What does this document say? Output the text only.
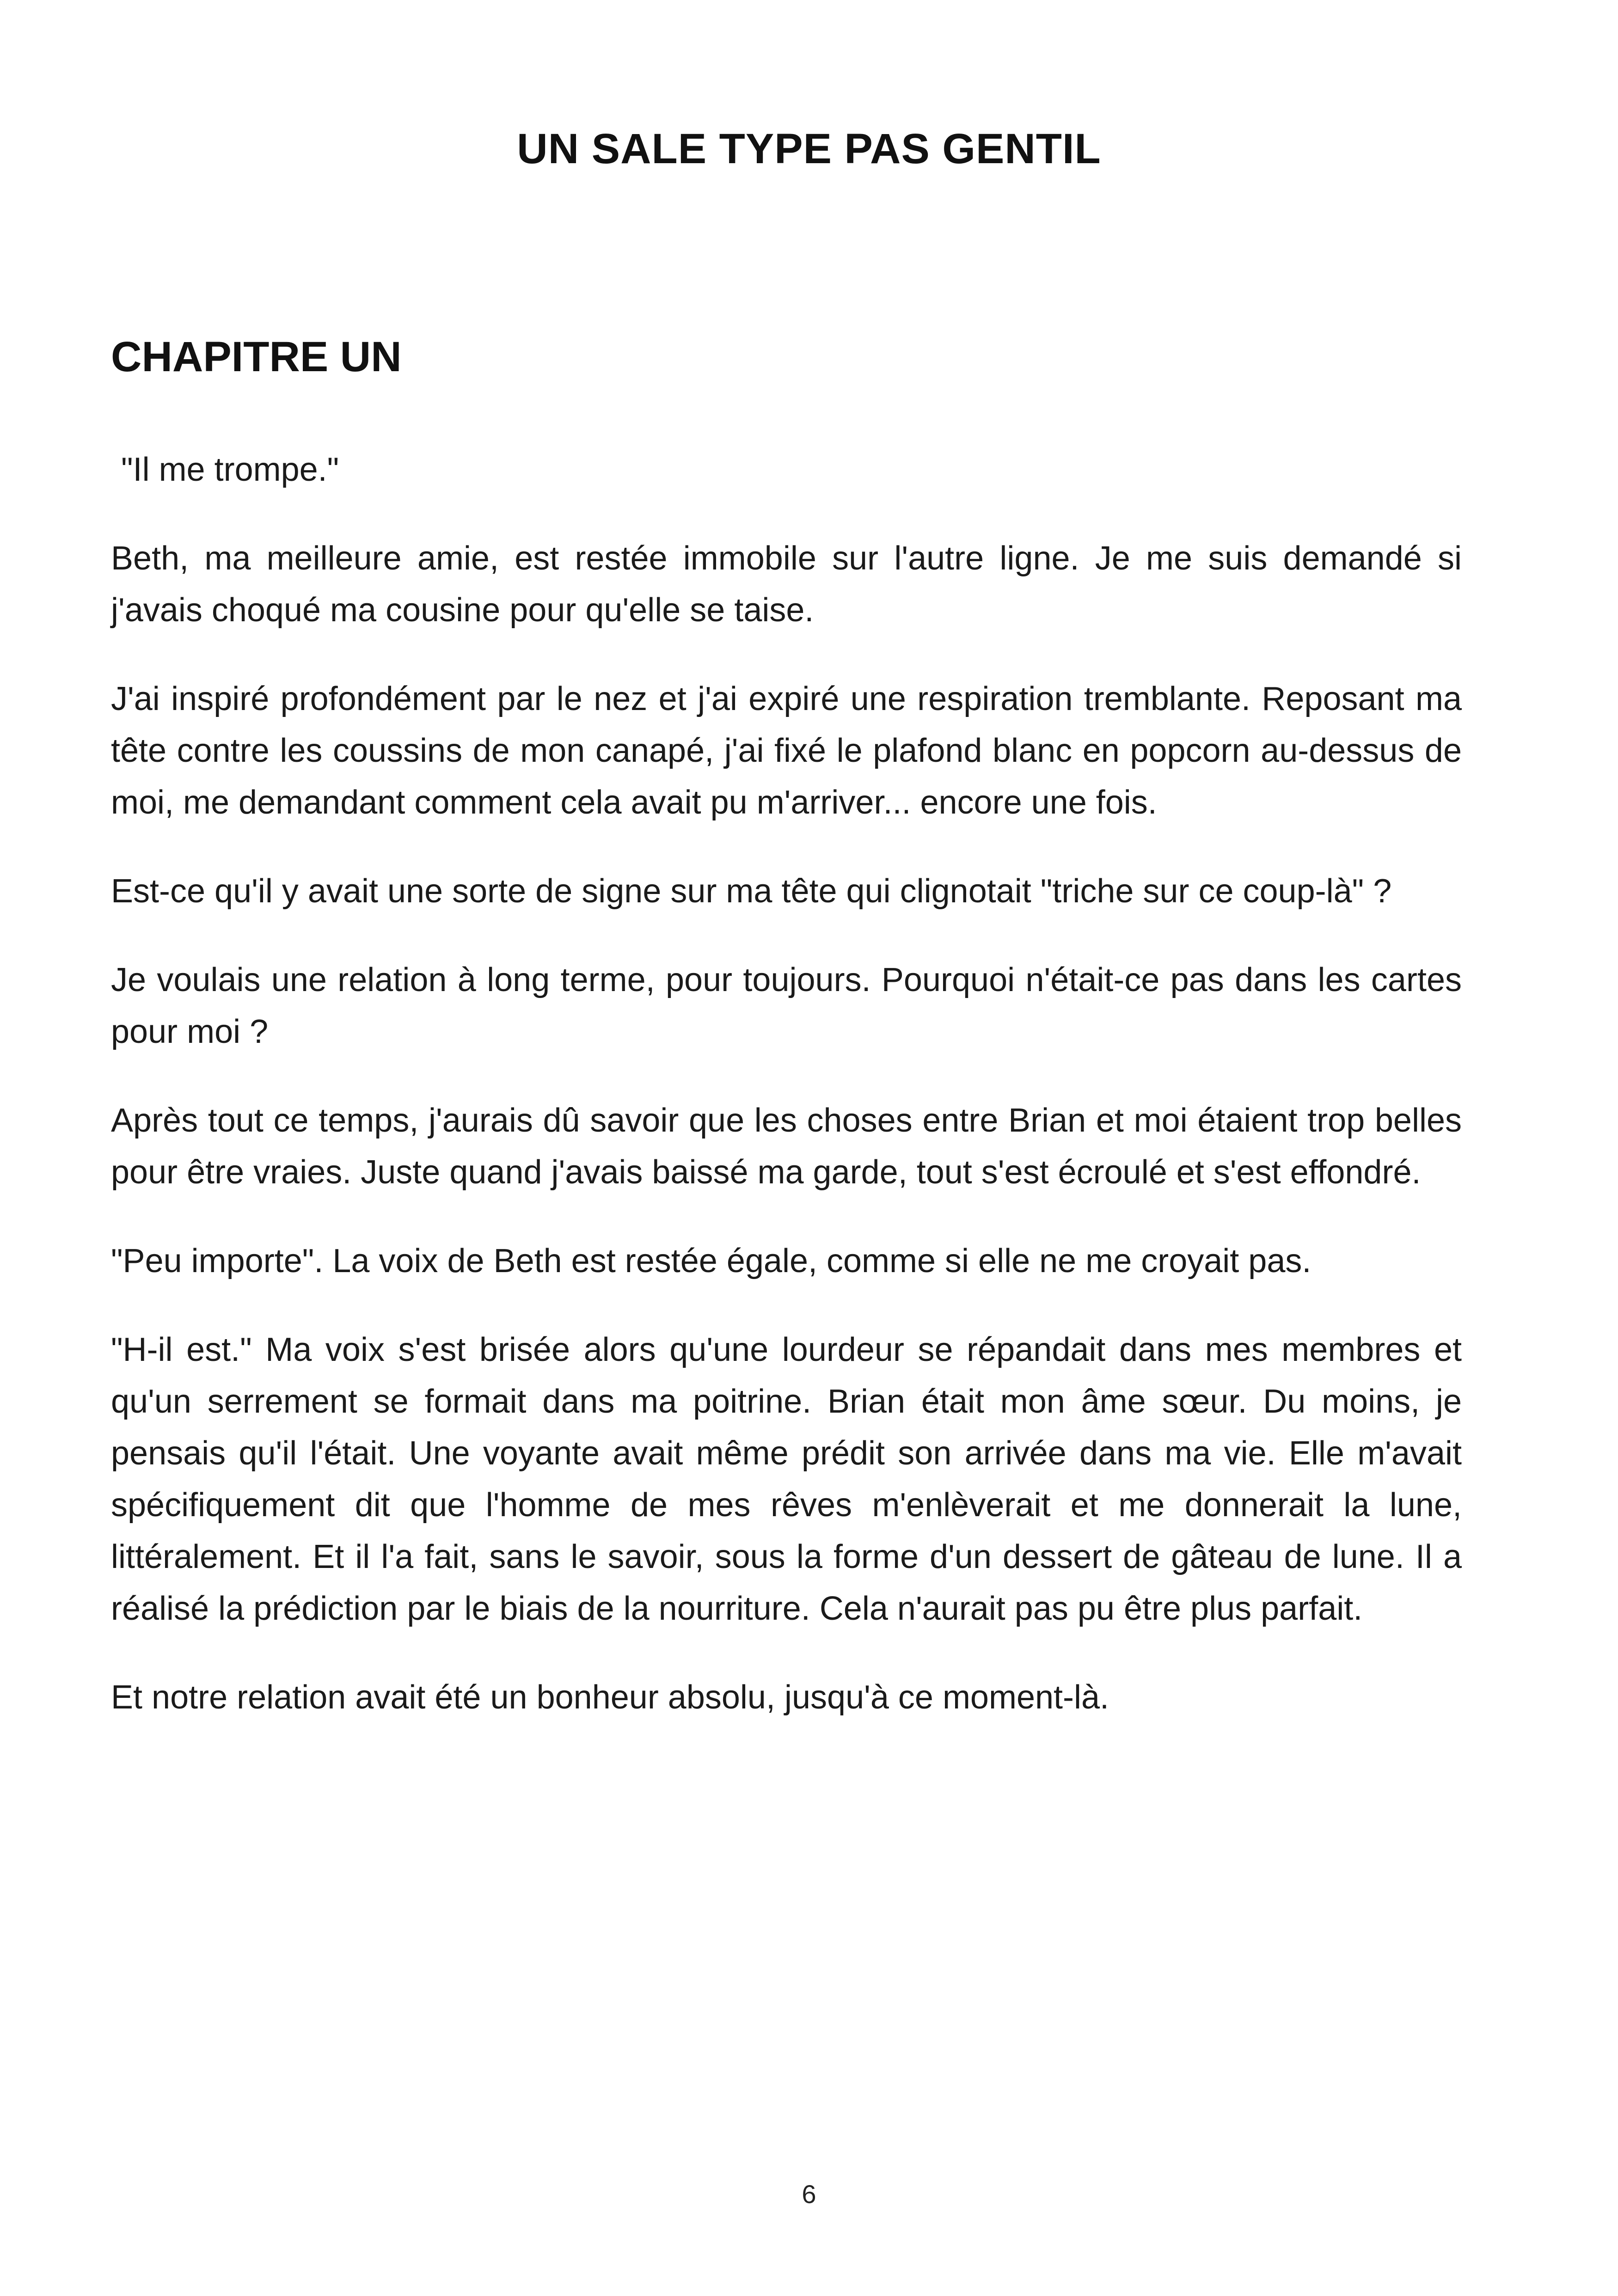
UN SALE TYPE PAS GENTIL
CHAPITRE UN

"Il me trompe."

Beth, ma meilleure amie, est restée immobile sur l'autre ligne. Je me suis demandé si j'avais choqué ma cousine pour qu'elle se taise.

J'ai inspiré profondément par le nez et j'ai expiré une respiration tremblante. Reposant ma tête contre les coussins de mon canapé, j'ai fixé le plafond blanc en popcorn au-dessus de moi, me demandant comment cela avait pu m'arriver... encore une fois.

Est-ce qu'il y avait une sorte de signe sur ma tête qui clignotait "triche sur ce coup-là" ?

Je voulais une relation à long terme, pour toujours. Pourquoi n'était-ce pas dans les cartes pour moi ?

Après tout ce temps, j'aurais dû savoir que les choses entre Brian et moi étaient trop belles pour être vraies. Juste quand j'avais baissé ma garde, tout s'est écroulé et s'est effondré.

"Peu importe". La voix de Beth est restée égale, comme si elle ne me croyait pas.

"H-il est." Ma voix s'est brisée alors qu'une lourdeur se répandait dans mes membres et qu'un serrement se formait dans ma poitrine. Brian était mon âme sœur. Du moins, je pensais qu'il l'était. Une voyante avait même prédit son arrivée dans ma vie. Elle m'avait spécifiquement dit que l'homme de mes rêves m'enlèverait et me donnerait la lune, littéralement. Et il l'a fait, sans le savoir, sous la forme d'un dessert de gâteau de lune. Il a réalisé la prédiction par le biais de la nourriture. Cela n'aurait pas pu être plus parfait.

Et notre relation avait été un bonheur absolu, jusqu'à ce moment-là.

6
